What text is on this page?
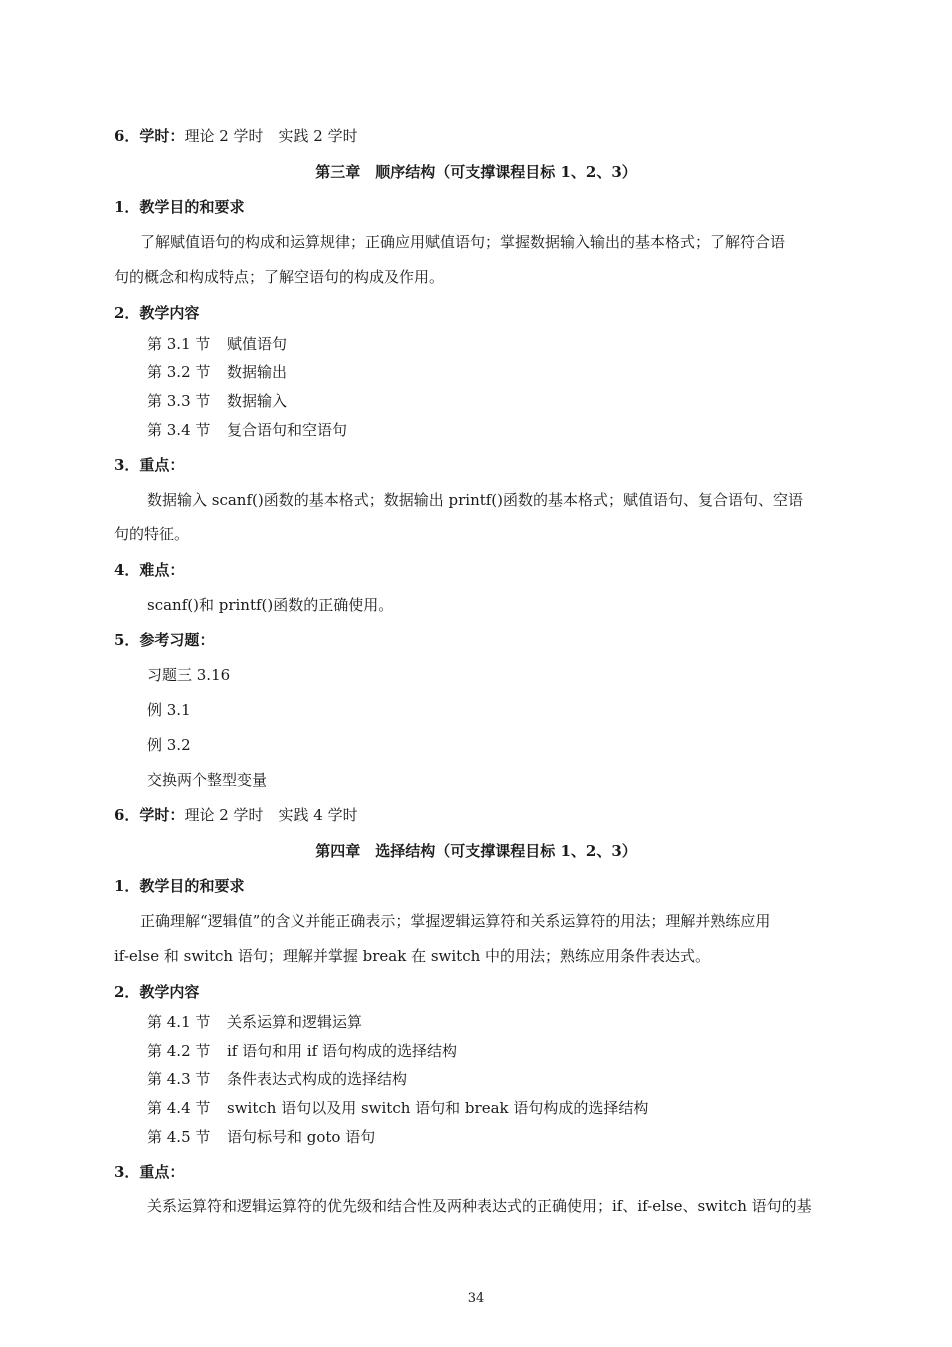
6．学时：理论 2 学时　实践 2 学时
第三章　顺序结构（可支撑课程目标 1、2、3）
1．教学目的和要求
了解赋值语句的构成和运算规律；正确应用赋值语句；掌握数据输入输出的基本格式；了解符合语
句的概念和构成特点；了解空语句的构成及作用。
2．教学内容
第 3.1 节 赋值语句
第 3.2 节 数据输出
第 3.3 节 数据输入
第 3.4 节 复合语句和空语句
3．重点：
数据输入 scanf()函数的基本格式；数据输出 printf()函数的基本格式；赋值语句、复合语句、空语
句的特征。
4．难点：
scanf()和 printf()函数的正确使用。
5．参考习题：
习题三 3.16
例 3.1
例 3.2
交换两个整型变量
6．学时：理论 2 学时　实践 4 学时
第四章　选择结构（可支撑课程目标 1、2、3）
1．教学目的和要求
正确理解“逻辑值”的含义并能正确表示；掌握逻辑运算符和关系运算符的用法；理解并熟练应用
if-else 和 switch 语句；理解并掌握 break 在 switch 中的用法；熟练应用条件表达式。
2．教学内容
第 4.1 节 关系运算和逻辑运算
第 4.2 节 if 语句和用 if 语句构成的选择结构
第 4.3 节 条件表达式构成的选择结构
第 4.4 节 switch 语句以及用 switch 语句和 break 语句构成的选择结构
第 4.5 节 语句标号和 goto 语句
3．重点：
关系运算符和逻辑运算符的优先级和结合性及两种表达式的正确使用；if、if-else、switch 语句的基
34
